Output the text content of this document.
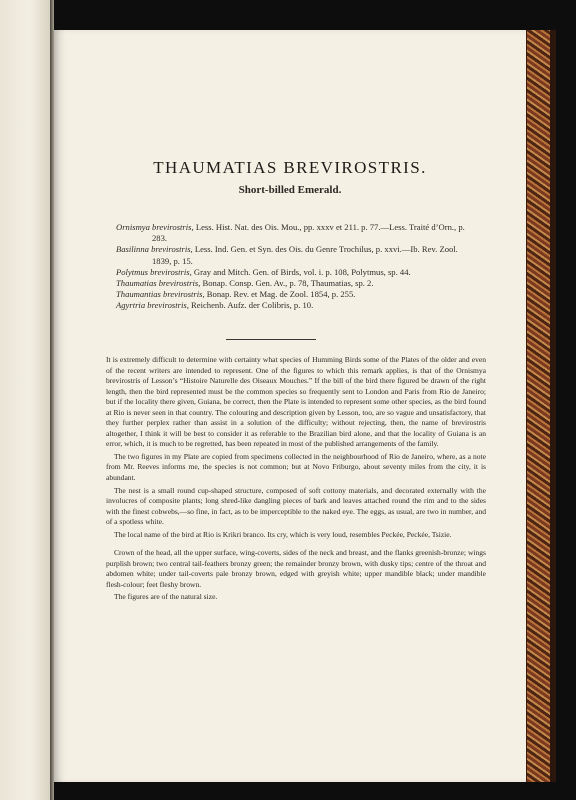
THAUMATIAS BREVIROSTRIS.
Short-billed Emerald.

Ornismya brevirostris, Less. Hist. Nat. des Ois. Mou., pp. xxxv et 211. p. 77.—Less. Traité d’Orn., p. 283.

Basilinna brevirostris, Less. Ind. Gen. et Syn. des Ois. du Genre Trochilus, p. xxvi.—Ib. Rev. Zool. 1839, p. 15.

Polytmus brevirostris, Gray and Mitch. Gen. of Birds, vol. i. p. 108, Polytmus, sp. 44.

Thaumatias brevirostris, Bonap. Consp. Gen. Av., p. 78, Thaumatias, sp. 2.

Thaumantias brevirostris, Bonap. Rev. et Mag. de Zool. 1854, p. 255.

Agyrtria brevirostris, Reichenb. Aufz. der Colibris, p. 10.

It is extremely difficult to determine with certainty what species of Humming Birds some of the Plates of the older and even of the recent writers are intended to represent. One of the figures to which this remark applies, is that of the Ornismya brevirostris of Lesson’s “Histoire Naturelle des Oiseaux Mouches.” If the bill of the bird there figured be drawn of the right length, then the bird represented must be the common species so frequently sent to London and Paris from Rio de Janeiro; but if the locality there given, Guiana, be correct, then the Plate is intended to represent some other species, as the bird found at Rio is never seen in that country. The colouring and description given by Lesson, too, are so vague and unsatisfactory, that they further perplex rather than assist in a solution of the difficulty; without rejecting, then, the name of brevirostris altogether, I think it will be best to consider it as referable to the Brazilian bird alone, and that the locality of Guiana is an error, which, it is much to be regretted, has been repeated in most of the published arrangements of the family.

The two figures in my Plate are copied from specimens collected in the neighbourhood of Rio de Janeiro, where, as a note from Mr. Reeves informs me, the species is not common; but at Novo Friburgo, about seventy miles from the city, it is abundant.

The nest is a small round cup-shaped structure, composed of soft cottony materials, and decorated externally with the involucres of composite plants; long shred-like dangling pieces of bark and leaves attached round the rim and to the sides with the finest cobwebs,—so fine, in fact, as to be imperceptible to the naked eye. The eggs, as usual, are two in number, and of a spotless white.

The local name of the bird at Rio is Krikri branco. Its cry, which is very loud, resembles Peckée, Peckée, Tsizie.

Crown of the head, all the upper surface, wing-coverts, sides of the neck and breast, and the flanks greenish-bronze; wings purplish brown; two central tail-feathers bronzy green; the remainder bronzy brown, with dusky tips; centre of the throat and abdomen white; under tail-coverts pale bronzy brown, edged with greyish white; upper mandible black; under mandible flesh-colour; feet fleshy brown.

The figures are of the natural size.
